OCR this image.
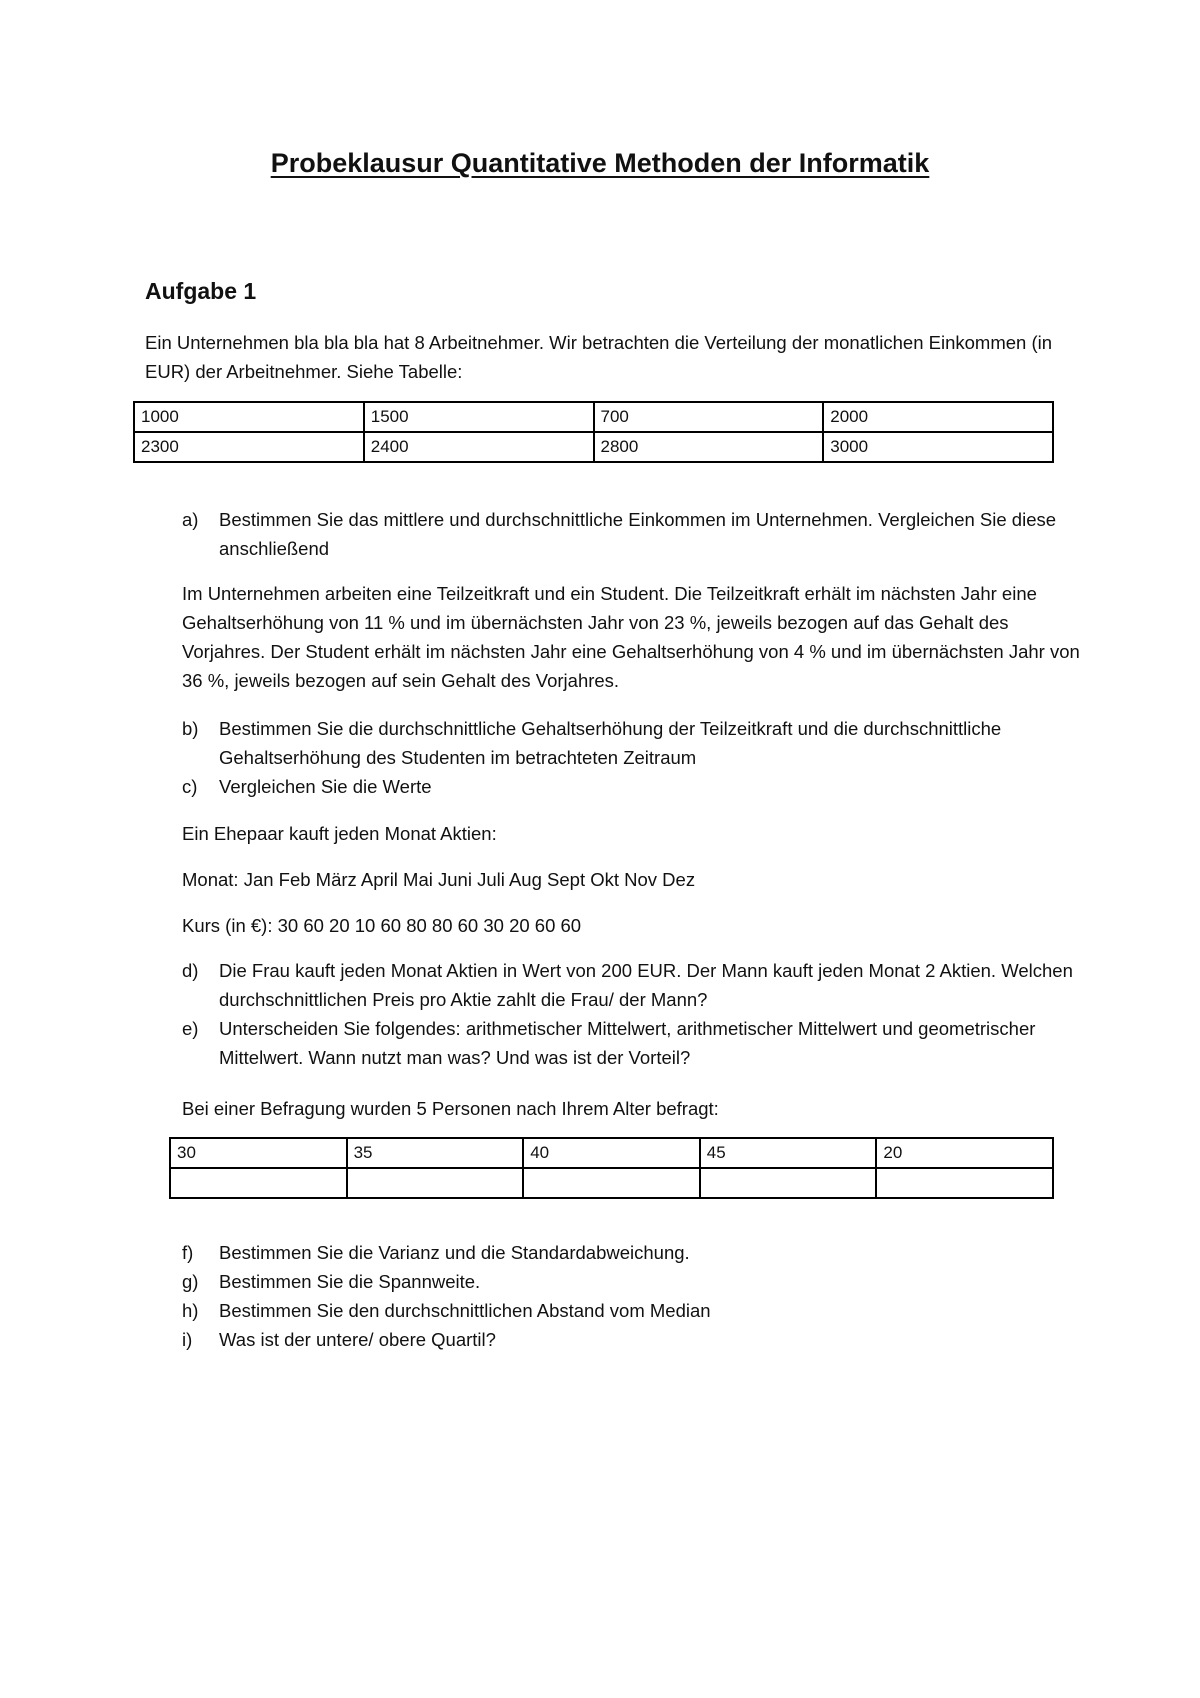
Probeklausur Quantitative Methoden der Informatik
Aufgabe 1

Ein Unternehmen bla bla bla hat 8 Arbeitnehmer. Wir betrachten die Verteilung der monatlichen Einkommen (in EUR) der Arbeitnehmer. Siehe Tabelle:

1000	1500	700	2000
2300	2400	2800	3000
a) Bestimmen Sie das mittlere und durchschnittliche Einkommen im Unternehmen. Vergleichen Sie diese anschließend

Im Unternehmen arbeiten eine Teilzeitkraft und ein Student. Die Teilzeitkraft erhält im nächsten Jahr eine Gehaltserhöhung von 11 % und im übernächsten Jahr von 23 %, jeweils bezogen auf das Gehalt des Vorjahres. Der Student erhält im nächsten Jahr eine Gehaltserhöhung von 4 % und im übernächsten Jahr von 36 %, jeweils bezogen auf sein Gehalt des Vorjahres.

b) Bestimmen Sie die durchschnittliche Gehaltserhöhung der Teilzeitkraft und die durchschnittliche Gehaltserhöhung des Studenten im betrachteten Zeitraum
c) Vergleichen Sie die Werte

Ein Ehepaar kauft jeden Monat Aktien:

Monat: Jan Feb März April Mai Juni Juli Aug Sept Okt Nov Dez

Kurs (in €): 30 60 20 10 60 80 80 60 30 20 60 60

d) Die Frau kauft jeden Monat Aktien in Wert von 200 EUR. Der Mann kauft jeden Monat 2 Aktien. Welchen durchschnittlichen Preis pro Aktie zahlt die Frau/ der Mann?
e) Unterscheiden Sie folgendes: arithmetischer Mittelwert, arithmetischer Mittelwert und geometrischer Mittelwert. Wann nutzt man was? Und was ist der Vorteil?

Bei einer Befragung wurden 5 Personen nach Ihrem Alter befragt:

30	35	40	45	20

f) Bestimmen Sie die Varianz und die Standardabweichung.
g) Bestimmen Sie die Spannweite.
h) Bestimmen Sie den durchschnittlichen Abstand vom Median
i) Was ist der untere/ obere Quartil?
